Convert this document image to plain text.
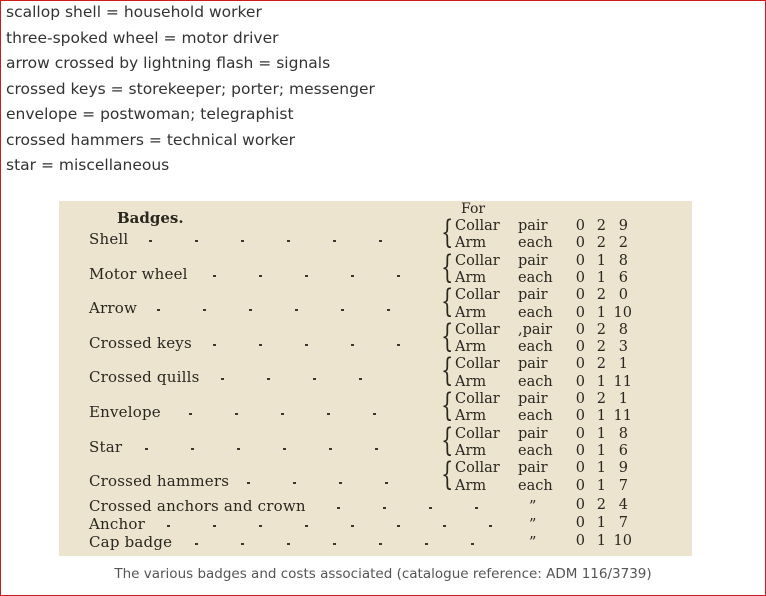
scallop shell = household worker
three-spoked wheel = motor driver
arrow crossed by lightning flash = signals
crossed keys = storekeeper; porter; messenger
envelope = postwoman; telegraphist
crossed hammers = technical worker
star = miscellaneous
Badges.	For
Shell	{ Collar pair	0 2 9
Arm each	0 2 2
Motor wheel	{ Collar pair	0 1 8
Arm each	0 1 6
Arrow	{ Collar pair	0 2 0
Arm each	0 1 10
Crossed keys	{ Collar ,pair	0 2 8
Arm each	0 2 3
Crossed quills	{ Collar pair	0 2 1
Arm each	0 1 11
Envelope	{ Collar pair	0 2 1
Arm each	0 1 11
Star	{ Collar pair	0 1 8
Arm each	0 1 6
Crossed hammers	{ Collar pair	0 1 9
Arm each	0 1 7
Crossed anchors and crown	”	0 2 4
Anchor	”	0 1 7
Cap badge	”	0 1 10
The various badges and costs associated (catalogue reference: ADM 116/3739)
